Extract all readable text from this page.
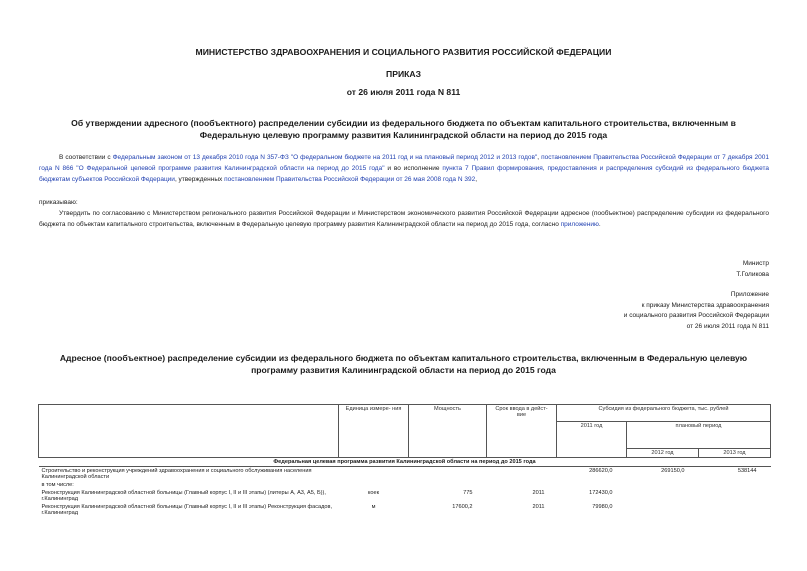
МИНИСТЕРСТВО ЗДРАВООХРАНЕНИЯ И СОЦИАЛЬНОГО РАЗВИТИЯ РОССИЙСКОЙ ФЕДЕРАЦИИ
ПРИКАЗ
от 26 июля 2011 года N 811
Об утверждении адресного (пообъектного) распределении субсидии из федерального бюджета по объектам капитального строительства, включенным в Федеральную целевую программу развития Калининградской области на период до 2015 года
В соответствии с Федеральным законом от 13 декабря 2010 года N 357-ФЗ "О федеральном бюджете на 2011 год и на плановый период 2012 и 2013 годов", постановлением Правительства Российской Федерации от 7 декабря 2001 года N 866 "О Федеральной целевой программе развития Калининградской области на период до 2015 года" и во исполнение пункта 7 Правил формирования, предоставления и распределения субсидий из федерального бюджета бюджетам субъектов Российской Федерации, утвержденных постановлением Правительства Российской Федерации от 26 мая 2008 года N 392,
приказываю:
Утвердить по согласованию с Министерством регионального развития Российской Федерации и Министерством экономического развития Российской Федерации адресное (пообъектное) распределение субсидии из федерального бюджета по объектам капитального строительства, включенным в Федеральную целевую программу развития Калининградской области на период до 2015 года, согласно приложению.
Министр
Т.Голикова
Приложение
к приказу Министерства здравоохранения
и социального развития Российской Федерации
от 26 июля 2011 года N 811
Адресное (пообъектное) распределение субсидии из федерального бюджета по объектам капитального строительства, включенным в Федеральную целевую программу развития Калининградской области на период до 2015 года
	Единица измере- ния	Мощность	Срок ввода в дейст- вие	Субсидия из федерального бюджета, тыс. рублей		
				2011 год	плановый период	
					2012 год	2013 год
Федеральная целевая программа развития Калининградской области на период до 2015 года						
Строительство и реконструкция учреждений здравоохранения и социального обслуживания населения Калининградской области				286620,0	269150,0	538144
в том числе:						
Реконструкция Калининградской областной больницы (Главный корпус I, II и III этапы) (литеры А, А3, А5, Б)), г.Калининград	коек	775	2011	172430,0		
Реконструкция Калининградской областной больницы (Главный корпус I, II и III этапы) Реконструкция фасадов, г.Калининград	м	17600,2	2011	79980,0		
